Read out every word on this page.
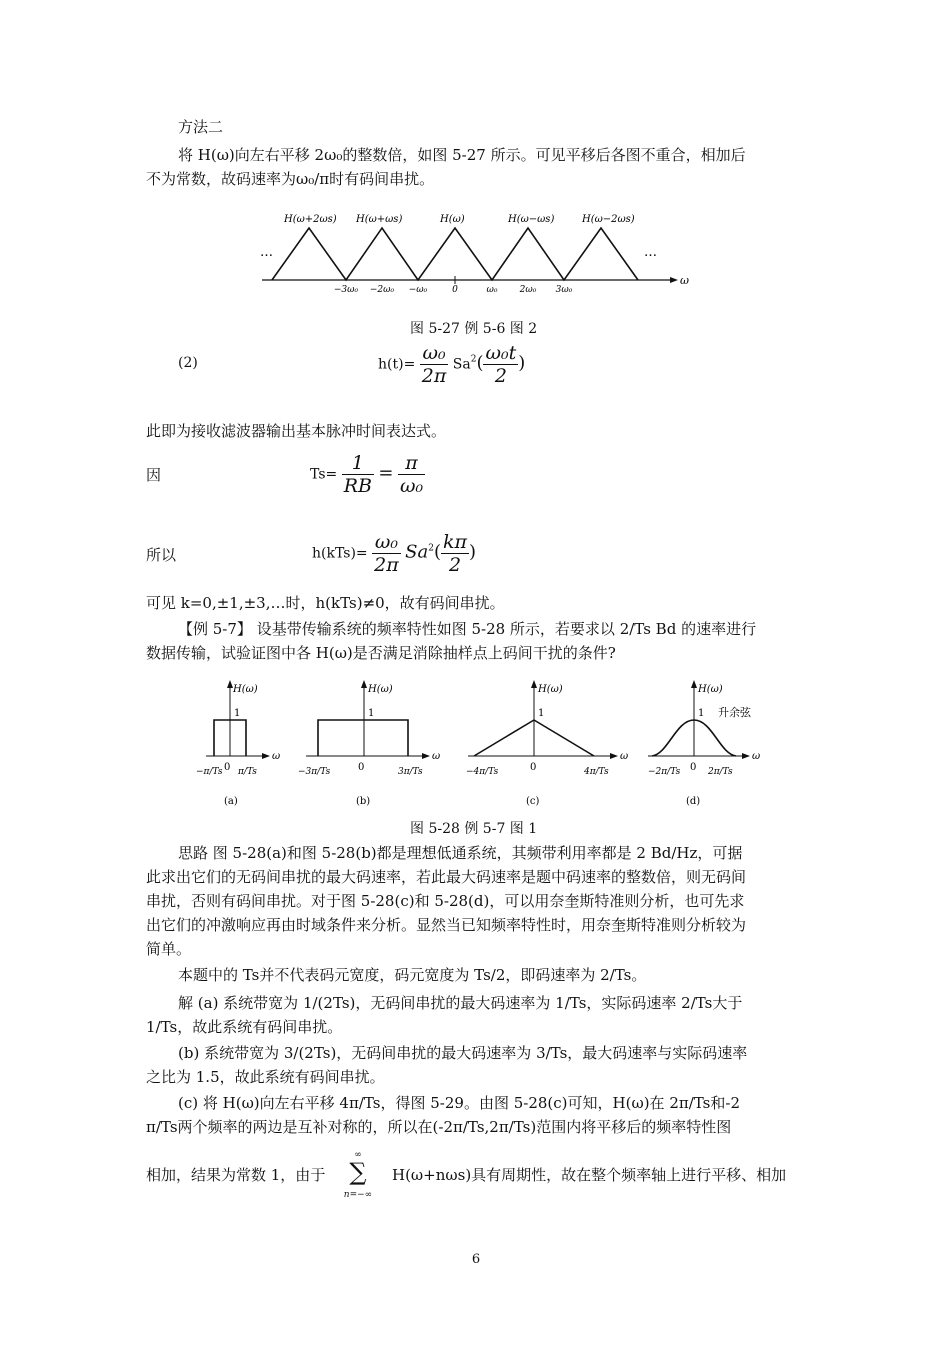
方法二
将 H(ω)向左右平移 2ω₀的整数倍，如图 5-27 所示。可见平移后各图不重合，相加后
不为常数，故码速率为ω₀/π时有码间串扰。
H(ω+2ωs) H(ω+ωs)	H(ω)	H(ω−ωs)	H(ω−2ωs)
ω
…	…
−3ω₀ −2ω₀ −ω₀	0	ω₀ 2ω₀ 3ω₀
图 5-27 例 5-6 图 2
(2)	$h(t)= \frac{\text{ω₀}}{2\pi} Sa^2( \frac{\text{ω₀t}}{2}$ )
此即为接收滤波器输出基本脉冲时间表达式。
因	$Ts= \frac{1}{RB} = \frac{\pi}{\text{ω₀}}$
所以	$h(kTs)= \frac{\text{ω₀}}{2\pi} Sa^2( \frac{k\pi}{2}$ )
可见 k=0,±1,±3,…时，h(kTs)≠0，故有码间串扰。
【例 5-7】 设基带传输系统的频率特性如图 5-28 所示，若要求以 2/Ts Bd 的速率进行
数据传输，试验证图中各 H(ω)是否满足消除抽样点上码间干扰的条件?
H(ω)
ω
1
0
−π/Ts π/Ts
(a)
H(ω)
ω
1
0
−3π/Ts	3π/Ts
(b)
H(ω)
ω
1
0
−4π/Ts	4π/Ts
(c)
H(ω)
ω
1 升余弦
0
−2π/Ts	2π/Ts
(d)
图 5-28 例 5-7 图 1
思路 图 5-28(a)和图 5-28(b)都是理想低通系统，其频带利用率都是 2 Bd/Hz，可据
此求出它们的无码间串扰的最大码速率，若此最大码速率是题中码速率的整数倍，则无码间
串扰，否则有码间串扰。对于图 5-28(c)和 5-28(d)，可以用奈奎斯特准则分析，也可先求
出它们的冲激响应再由时域条件来分析。显然当已知频率特性时，用奈奎斯特准则分析较为
简单。
本题中的 Ts并不代表码元宽度，码元宽度为 Ts/2，即码速率为 2/Ts。
解 (a) 系统带宽为 1/(2Ts)，无码间串扰的最大码速率为 1/Ts，实际码速率 2/Ts大于
1/Ts，故此系统有码间串扰。
(b) 系统带宽为 3/(2Ts)，无码间串扰的最大码速率为 3/Ts，最大码速率与实际码速率
之比为 1.5，故此系统有码间串扰。
(c) 将 H(ω)向左右平移 4π/Ts，得图 5-29。由图 5-28(c)可知，H(ω)在 2π/Ts和-2
π/Ts两个频率的两边是互补对称的，所以在(-2π/Ts,2π/Ts)范围内将平移后的频率特性图
相加，结果为常数 1，由于
∞
∑
n=−∞
H(ω+nωs)具有周期性，故在整个频率轴上进行平移、相加
6
